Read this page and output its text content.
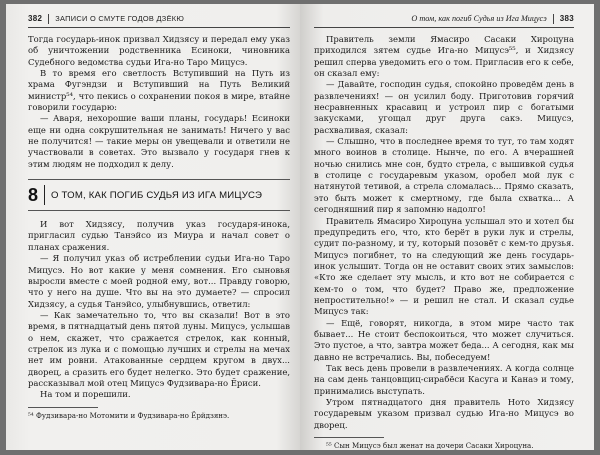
382 ЗАПИСИ О СМУТЕ ГОДОВ ДЗЁКЮ

Тогда государь-инок призвал Хидзясу и передал ему указ об уничтожении родственника Есиноки, чиновника Судебного ведомства судьи Ига-но Таро Мицусэ.

В то время его светлость Вступивший на Путь из храма Фугэндзи и Вступивший на Путь Великий министр⁵⁴, что пекись о сохранении покоя в мире, втайне говорили государю:

— Аваря, нехорошие ваши планы, государь! Есиноки еще ни одна сокрушительная не занимать! Ничего у вас не получится! — такие меры он увещевали и ответили не участвовали в советах. Это вызвало у государя гнев к этим людям не подходил к делу.

8	О ТОМ, КАК ПОГИБ СУДЬЯ ИЗ ИГА МИЦУСЭ

И вот Хидзясу, получив указ государя-инока, пригласил судью Танэйсо из Миура и начал совет о планах сражения.

— Я получил указ об истреблении судьи Ига-но Таро Мицусэ. Но вот какие у меня сомнения. Его сыновья выросли вместе с моей родной ему, вот... Правду говорю, что у него на душе. Что вы на это думаете? — спросил Хидзясу, а судья Танэйсо, улыбнувшись, ответил:

— Как замечательно то, что вы сказали! Вот в это время, в пятнадцатый день пятой луны. Мицусэ, услышав о нем, скажет, что сражается стрелок, как конный, стрелок из лука и с помощью лучших и стрелы на мечах нет им ровни. Атакованные сердцем кругом в двух... дворец, а сразить его будет нелегко. Это будет сражение, рассказывал мой отец Мицусэ Фудзивара-но Ёриси.

На том и порешили.

⁵⁴ Фудзивара-но Мотомити и Фудзивара-но Ёрйдзянэ.

О том, как погиб Судья из Ига Мицусэ 383

Правитель земли Ямасиро Сасаки Хироцуна приходился зятем судье Ига-но Мицусэ⁵⁵, и Хидзясу решил сперва уведомить его о том. Пригласив его к себе, он сказал ему:

— Давайте, господин судья, спокойно проведём день в развлечениях! — он усилил боду. Приготовив горячий несравненных красавиц и устроил пир с богатыми закусками, угощал друг друга сакэ. Мицусэ, расхваливая, сказал:

— Слышно, что в последнее время то тут, то там ходят много воинов в столице. Нынче, по его. А вчерашней ночью снились мне сон, будто стрела, с вышивкой судья в столице с государевым указом, оробел мой лук с натянутой тетивой, а стрела сломалась... Прямо сказать, это быть может к смертному, где была схватка... А сегодняшний пир я запомню надолго!

Правитель Ямасиро Хироцуна услышал это и хотел бы предупредить его, что, кто берёт в руки лук и стрелы, судит по-разному, и ту, который позовёт с кем-то друзья. Мицусэ погибнет, то на следующий же день государь-инок услышит. Тогда он не оставит своих этих замыслов: «Кто же сделает эту мысль, и кто вот не собирается с кем-то о том, что будет? Право же, предложение непростительно!» — и решил не стал. И сказал судье Мицусэ так:

— Ещё, говорят, никогда, в этом мире часто так бывает... Не стоит беспокоиться, что может случиться. Это пустое, а что, завтра может беда... А сегодня, как мы давно не встречались. Вы, побеседуем!

Так весь день провели в развлечениях. А когда солнце на сам день танцовщиц-сирабёси Касуга и Канаэ и тому, принимались выступать.

Утром пятнадцатого дня правитель Ното Хидзясу государевым указом призвал судью Ига-но Мицусэ во дворец.

⁵⁵ Сын Мицусэ был женат на дочери Сасаки Хироцуна.
